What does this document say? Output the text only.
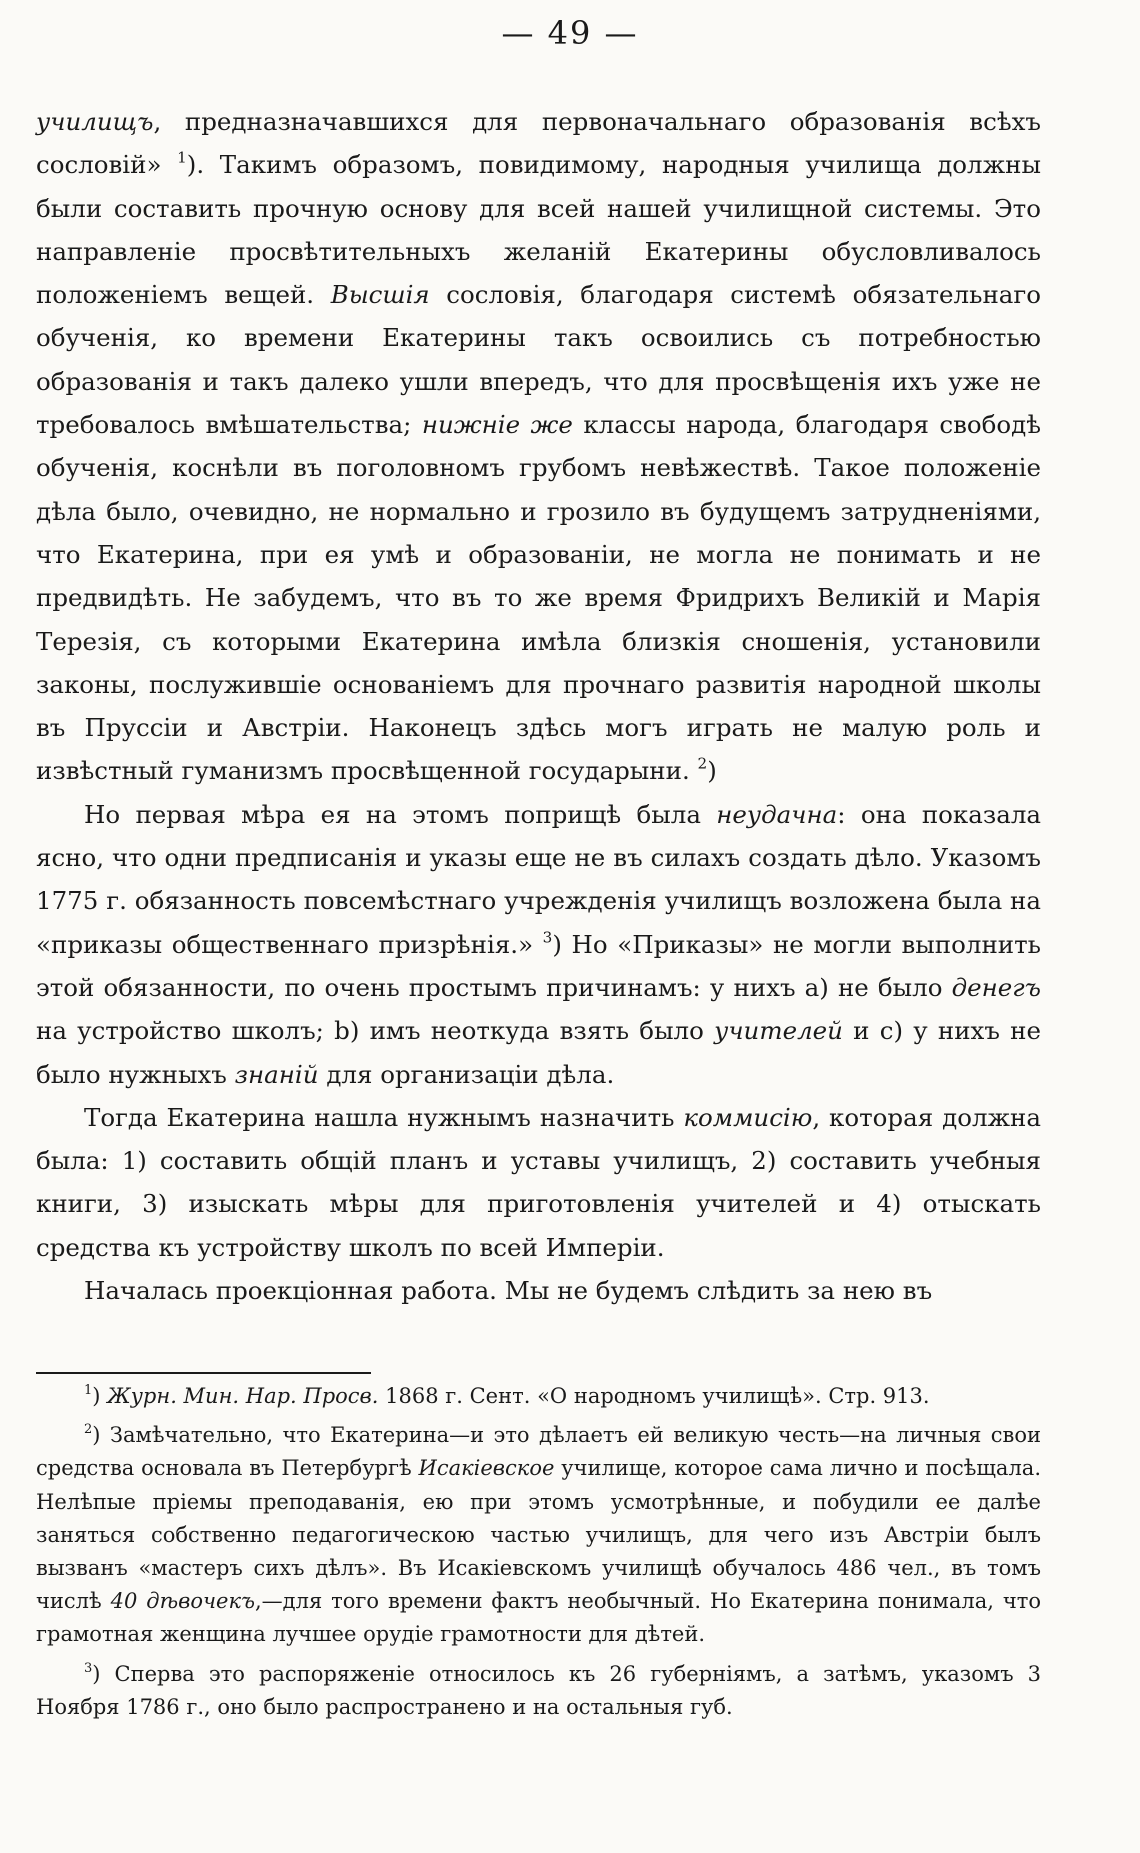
— 49 —

училищъ, предназначавшихся для первоначальнаго образованія всѣхъ сословій» $^1$). Такимъ образомъ, повидимому, народныя училища должны были составить прочную основу для всей нашей училищной системы. Это направленіе просвѣтительныхъ желаній Екатерины обусловливалось положеніемъ вещей. Высшія сословія, благодаря системѣ обязательнаго обученія, ко времени Екатерины такъ освоились съ потребностью образованія и такъ далеко ушли впередъ, что для просвѣщенія ихъ уже не требовалось вмѣшательства; нижніе же классы народа, благодаря свободѣ обученія, коснѣли въ поголовномъ грубомъ невѣжествѣ. Такое положеніе дѣла было, очевидно, не нормально и грозило въ будущемъ затрудненіями, что Екатерина, при ея умѣ и образованіи, не могла не понимать и не предвидѣть. Не забудемъ, что въ то же время Фридрихъ Великій и Марія Терезія, съ которыми Екатерина имѣла близкія сношенія, установили законы, послужившіе основаніемъ для прочнаго развитія народной школы въ Пруссіи и Австріи. Наконецъ здѣсь могъ играть не малую роль и извѣстный гуманизмъ просвѣщенной государыни. $^2$)

Но первая мѣра ея на этомъ поприщѣ была неудачна: она показала ясно, что одни предписанія и указы еще не въ силахъ создать дѣло. Указомъ 1775 г. обязанность повсемѣстнаго учрежденія училищъ возложена была на «приказы общественнаго призрѣнія.» $^3$) Но «Приказы» не могли выполнить этой обязанности, по очень простымъ причинамъ: у нихъ a) не было денегъ на устройство школъ; b) имъ неоткуда взять было учителей и c) у нихъ не было нужныхъ знаній для организаціи дѣла.

Тогда Екатерина нашла нужнымъ назначить коммисію, которая должна была: 1) составить общій планъ и уставы училищъ, 2) составить учебныя книги, 3) изыскать мѣры для приготовленія учителей и 4) отыскать средства къ устройству школъ по всей Имперіи.

Началась проекціонная работа. Мы не будемъ слѣдить за нею въ

$^1$) Журн. Мин. Нар. Просв. 1868 г. Сент. «О народномъ училищѣ». Стр. 913.

$^2$) Замѣчательно, что Екатерина—и это дѣлаетъ ей великую честь—на личныя свои средства основала въ Петербургѣ Исакіевское училище, которое сама лично и посѣщала. Нелѣпые пріемы преподаванія, ею при этомъ усмотрѣнные, и побудили ее далѣе заняться собственно педагогическою частью училищъ, для чего изъ Австріи былъ вызванъ «мастеръ сихъ дѣлъ». Въ Исакіевскомъ училищѣ обучалось 486 чел., въ томъ числѣ 40 дѣвочекъ,—для того времени фактъ необычный. Но Екатерина понимала, что грамотная женщина лучшее орудіе грамотности для дѣтей.

$^3$) Сперва это распоряженіе относилось къ 26 губерніямъ, а затѣмъ, указомъ 3 Ноября 1786 г., оно было распространено и на остальныя губ.
